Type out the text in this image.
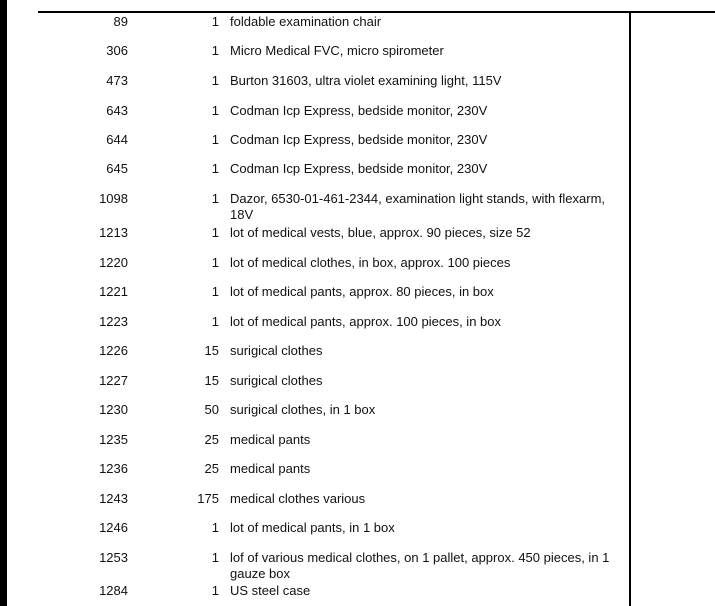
89	1 foldable examination chair
306	1 Micro Medical FVC, micro spirometer
473	1 Burton 31603, ultra violet examining light, 115V
643	1 Codman Icp Express, bedside monitor, 230V
644	1 Codman Icp Express, bedside monitor, 230V
645	1 Codman Icp Express, bedside monitor, 230V
1098	1 Dazor, 6530-01-461-2344, examination light stands, with flexarm, 18V
1213	1 lot of medical vests, blue, approx. 90 pieces, size 52
1220	1 lot of medical clothes, in box, approx. 100 pieces
1221	1 lot of medical pants, approx. 80 pieces, in box
1223	1 lot of medical pants, approx. 100 pieces, in box
1226	15 surigical clothes
1227	15 surigical clothes
1230	50 surigical clothes, in 1 box
1235	25 medical pants
1236	25 medical pants
1243	175 medical clothes various
1246	1 lot of medical pants, in 1 box
1253	1 lof of various medical clothes, on 1 pallet, approx. 450 pieces, in 1 gauze box
1284	1 US steel case
